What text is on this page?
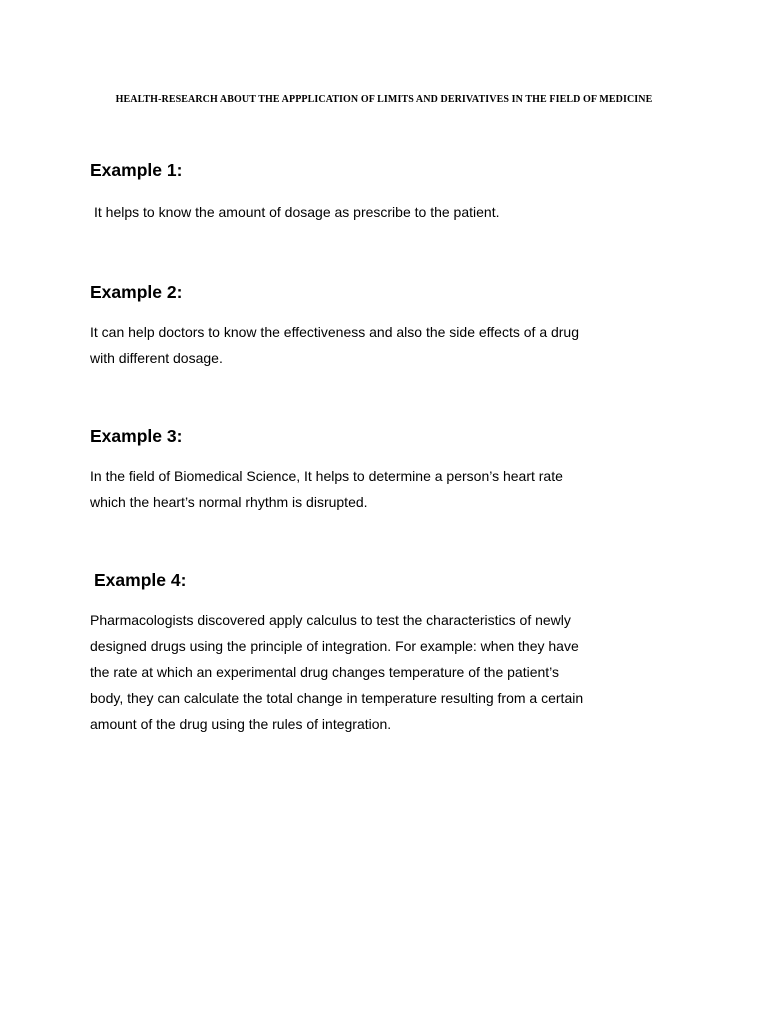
HEALTH-RESEARCH ABOUT THE APPPLICATION OF LIMITS AND DERIVATIVES IN THE FIELD OF MEDICINE
Example 1:

It helps to know the amount of dosage as prescribe to the patient.

Example 2:

It can help doctors to know the effectiveness and also the side effects of a drug
with different dosage.

Example 3:

In the field of Biomedical Science, It helps to determine a person’s heart rate
which the heart’s normal rhythm is disrupted.

Example 4:

Pharmacologists discovered apply calculus to test the characteristics of newly
designed drugs using the principle of integration. For example: when they have
the rate at which an experimental drug changes temperature of the patient’s
body, they can calculate the total change in temperature resulting from a certain
amount of the drug using the rules of integration.
